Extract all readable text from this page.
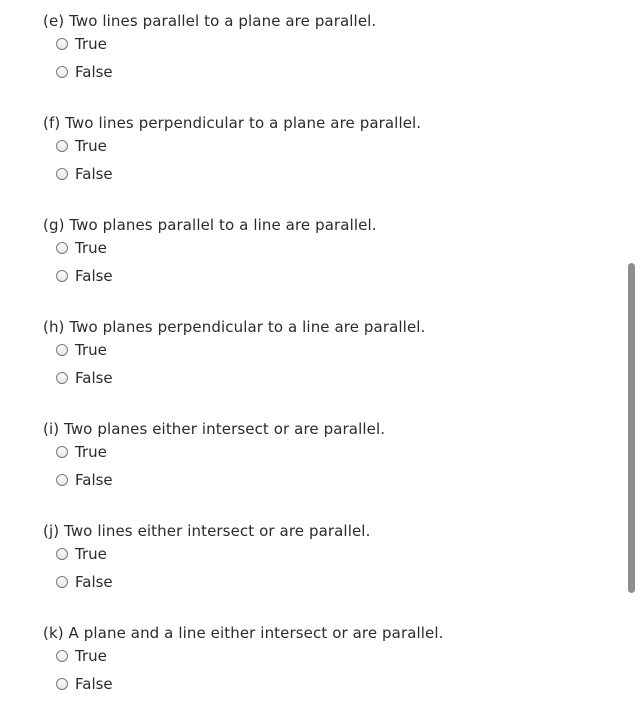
(e) Two lines parallel to a plane are parallel.
True
False
(f) Two lines perpendicular to a plane are parallel.
True
False
(g) Two planes parallel to a line are parallel.
True
False
(h) Two planes perpendicular to a line are parallel.
True
False
(i) Two planes either intersect or are parallel.
True
False
(j) Two lines either intersect or are parallel.
True
False
(k) A plane and a line either intersect or are parallel.
True
False
